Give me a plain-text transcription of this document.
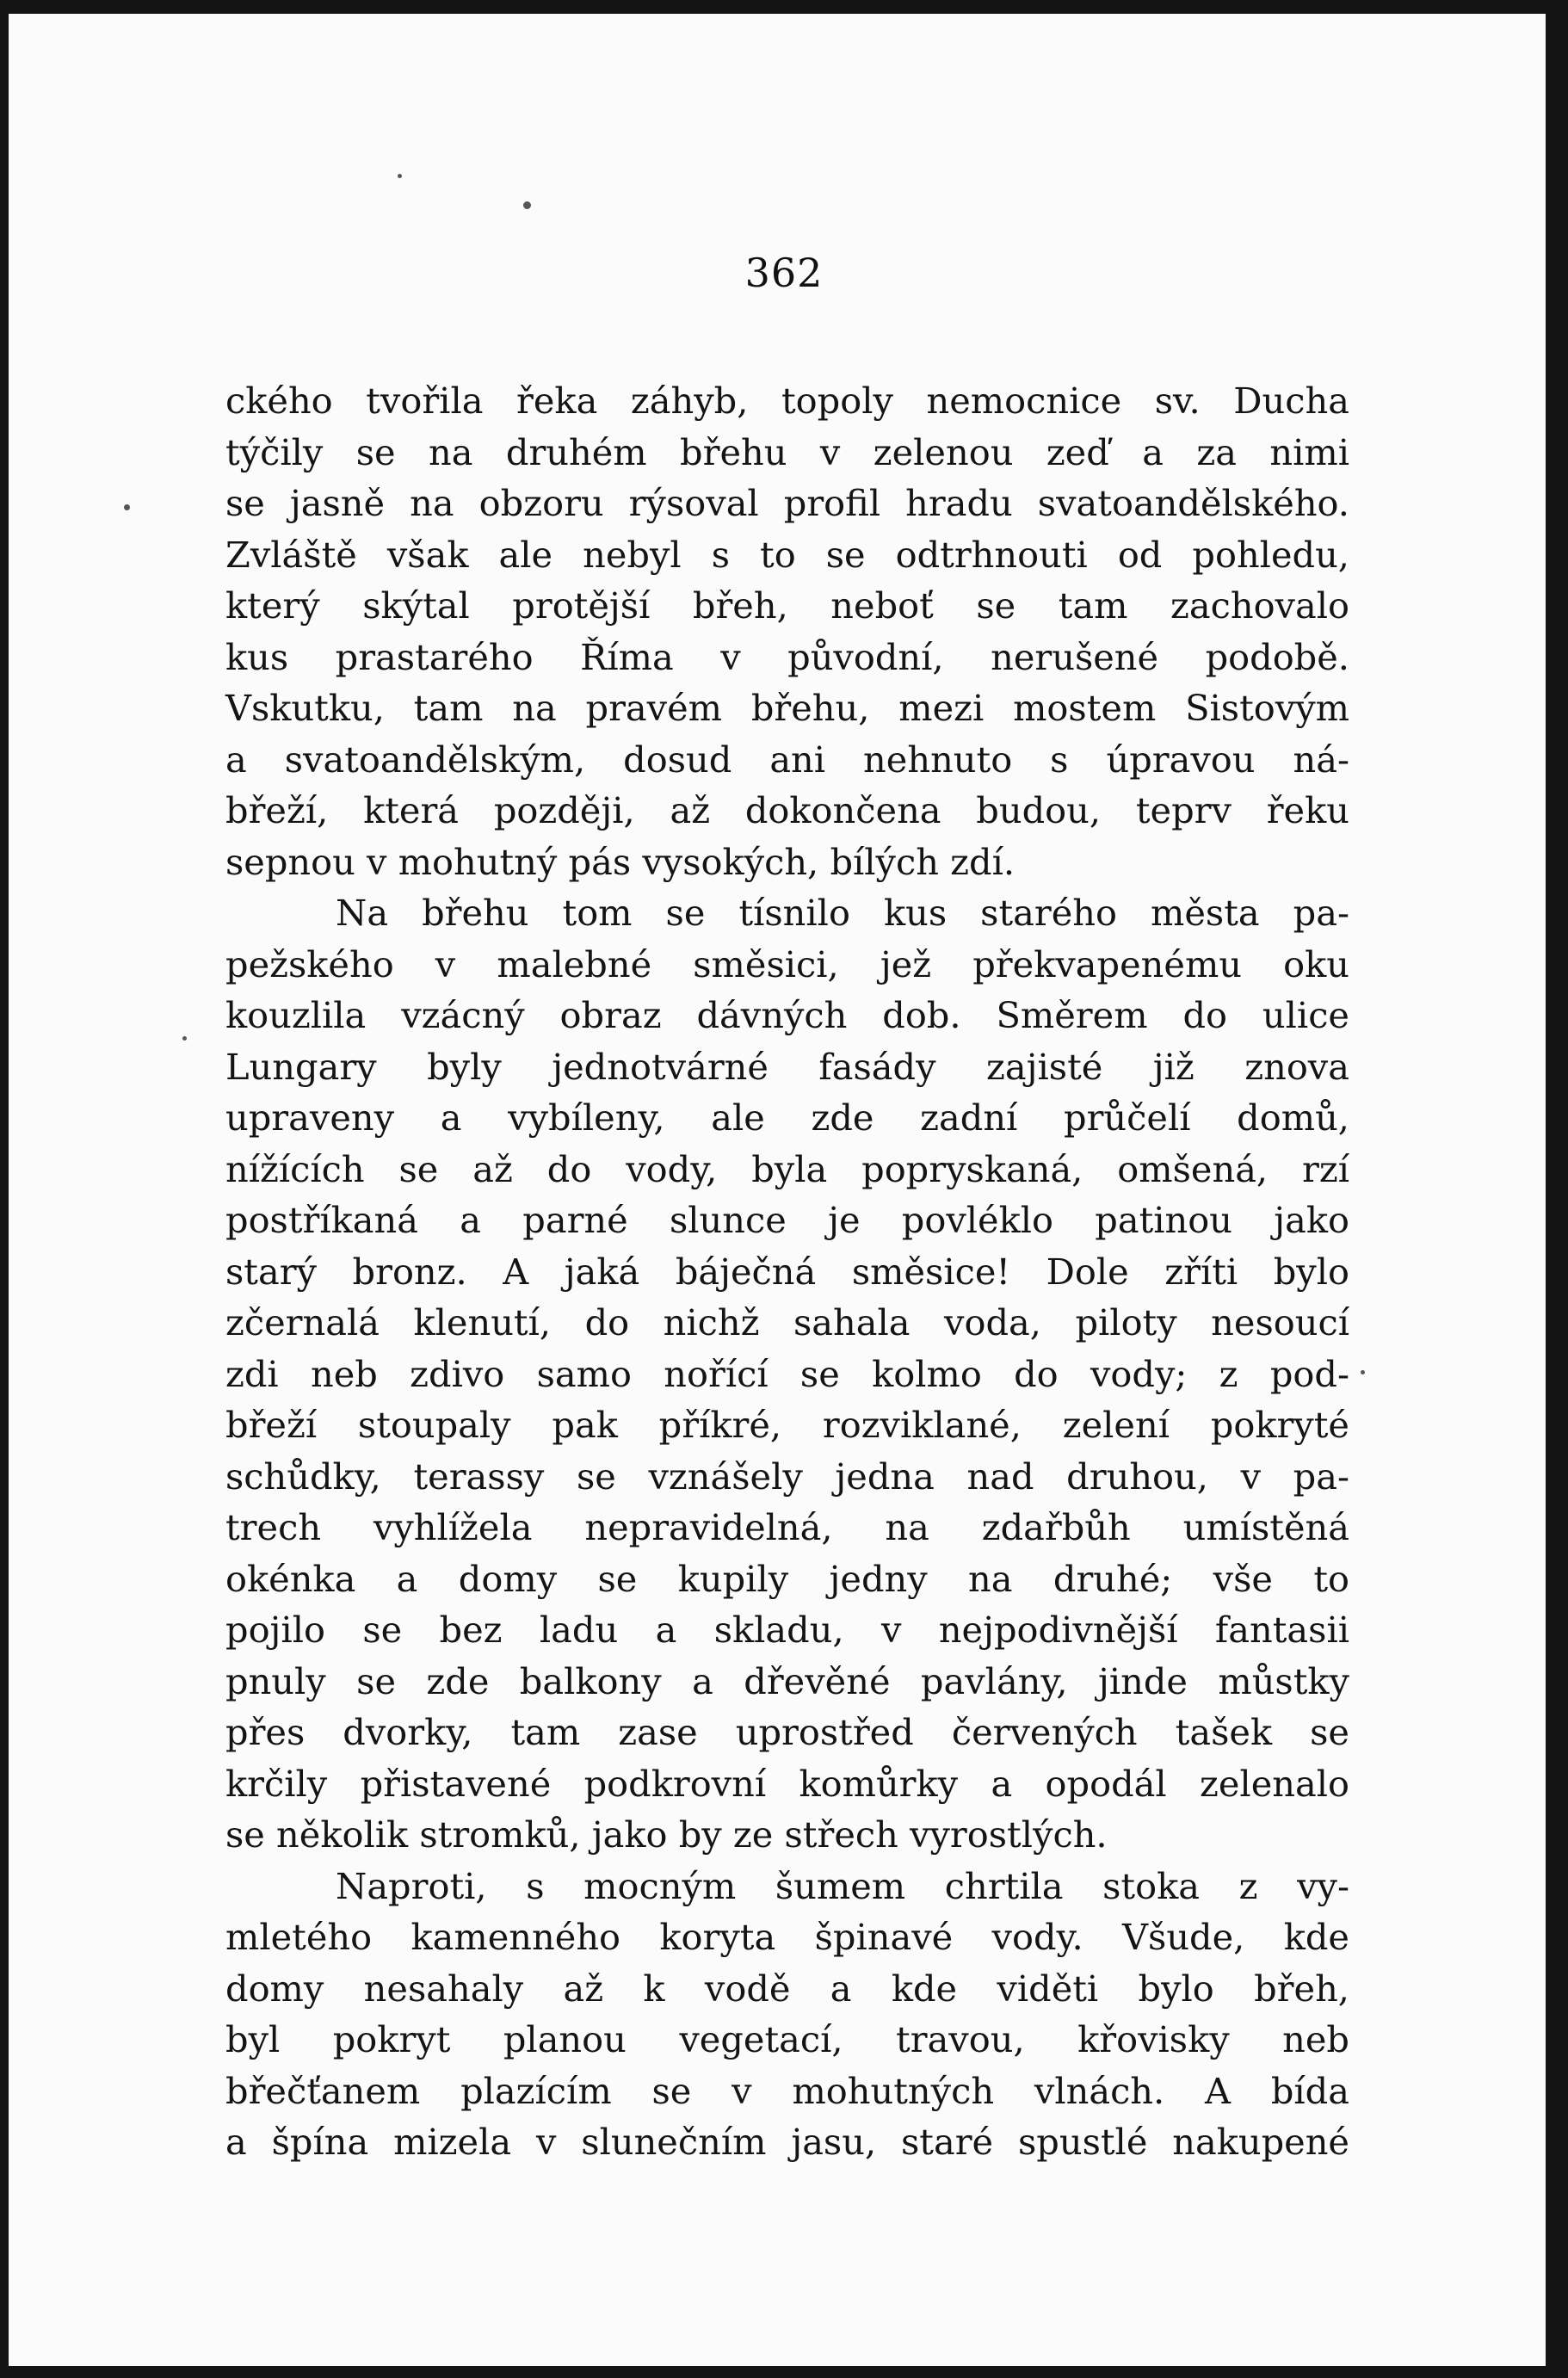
362
ckého tvořila řeka záhyb, topoly nemocnice sv. Ducha
týčily se na druhém břehu v zelenou zeď a za nimi
se jasně na obzoru rýsoval profil hradu svatoandělského.
Zvláště však ale nebyl s to se odtrhnouti od pohledu,
který skýtal protější břeh, neboť se tam zachovalo
kus prastarého Říma v původní, nerušené podobě.
Vskutku, tam na pravém břehu, mezi mostem Sistovým
a svatoandělským, dosud ani nehnuto s úpravou ná-
břeží, která později, až dokončena budou, teprv řeku
sepnou v mohutný pás vysokých, bílých zdí.
Na břehu tom se tísnilo kus starého města pa-
pežského v malebné směsici, jež překvapenému oku
kouzlila vzácný obraz dávných dob. Směrem do ulice
Lungary byly jednotvárné fasády zajisté již znova
upraveny a vybíleny, ale zde zadní průčelí domů,
nížících se až do vody, byla popryskaná, omšená, rzí
postříkaná a parné slunce je povléklo patinou jako
starý bronz. A jaká báječná směsice! Dole zříti bylo
zčernalá klenutí, do nichž sahala voda, piloty nesoucí
zdi neb zdivo samo nořící se kolmo do vody; z pod-
břeží stoupaly pak příkré, rozviklané, zelení pokryté
schůdky, terassy se vznášely jedna nad druhou, v pa-
trech vyhlížela nepravidelná, na zdařbůh umístěná
okénka a domy se kupily jedny na druhé; vše to
pojilo se bez ladu a skladu, v nejpodivnější fantasii
pnuly se zde balkony a dřevěné pavlány, jinde můstky
přes dvorky, tam zase uprostřed červených tašek se
krčily přistavené podkrovní komůrky a opodál zelenalo
se několik stromků, jako by ze střech vyrostlých.
Naproti, s mocným šumem chrtila stoka z vy-
mletého kamenného koryta špinavé vody. Všude, kde
domy nesahaly až k vodě a kde viděti bylo břeh,
byl pokryt planou vegetací, travou, křovisky neb
břečťanem plazícím se v mohutných vlnách. A bída
a špína mizela v slunečním jasu, staré spustlé nakupené
